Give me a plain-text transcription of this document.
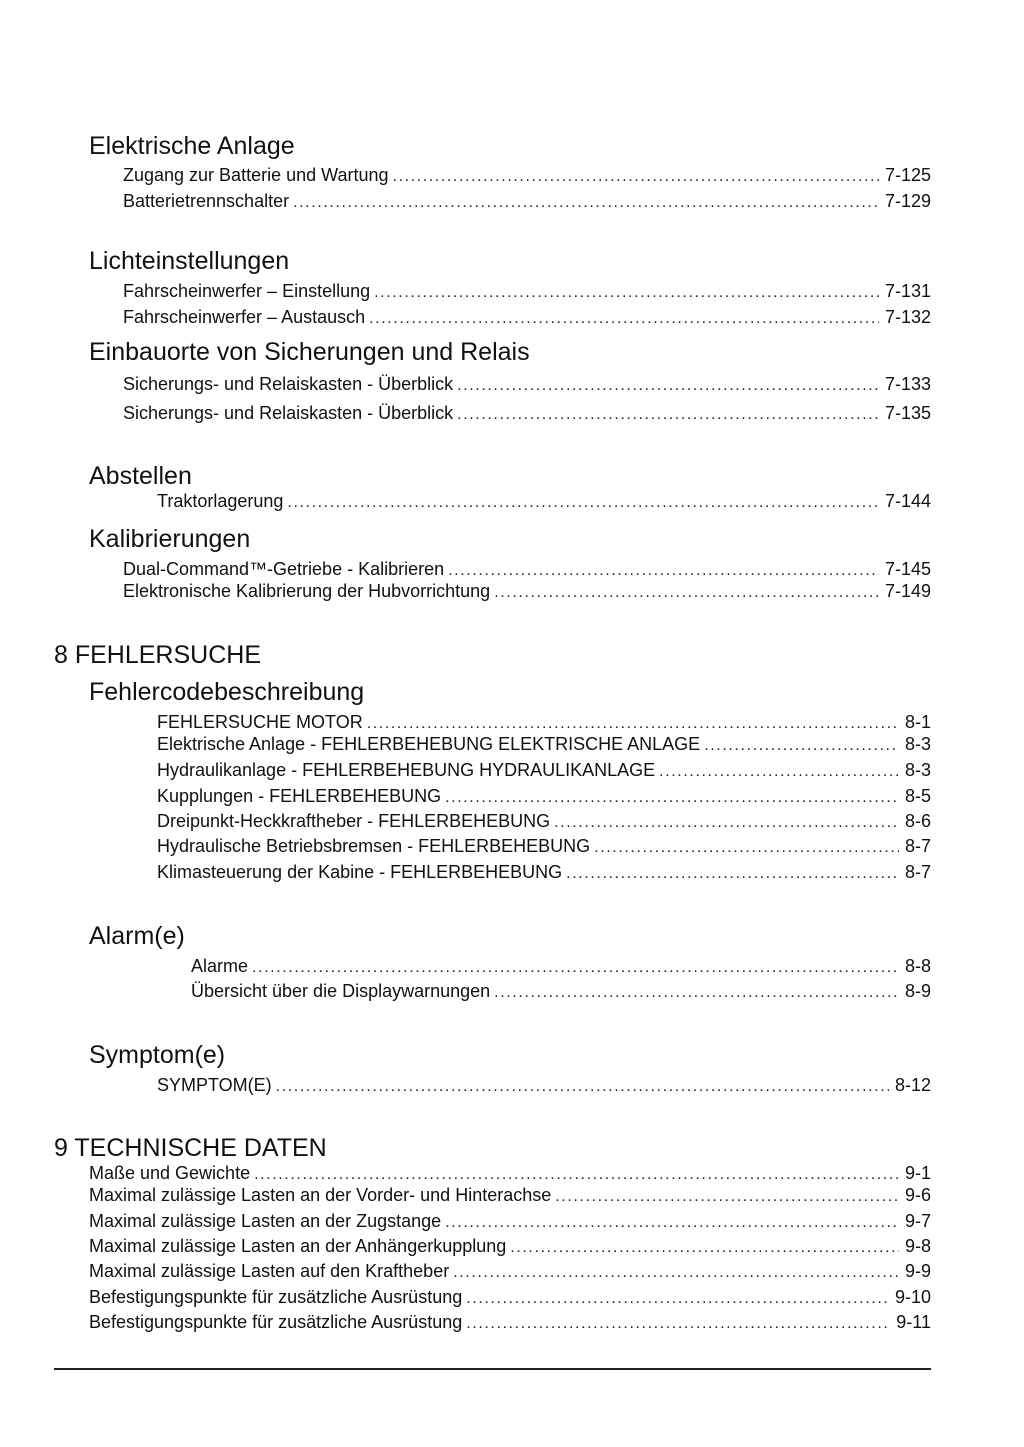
Elektrische Anlage
Zugang zur Batterie und Wartung .....	7-125
Batterietrennschalter .....	7-129
Lichteinstellungen
Fahrscheinwerfer – Einstellung .....	7-131
Fahrscheinwerfer – Austausch .....	7-132
Einbauorte von Sicherungen und Relais
Sicherungs- und Relaiskasten - Überblick .....	7-133
Sicherungs- und Relaiskasten - Überblick .....	7-135
Abstellen
Traktorlagerung .....	7-144
Kalibrierungen
Dual-Command™-Getriebe - Kalibrieren .....	7-145
Elektronische Kalibrierung der Hubvorrichtung .....	7-149
8 FEHLERSUCHE
Fehlercodebeschreibung
FEHLERSUCHE MOTOR .....	8-1
Elektrische Anlage - FEHLERBEHEBUNG ELEKTRISCHE ANLAGE .....	8-3
Hydraulikanlage - FEHLERBEHEBUNG HYDRAULIKANLAGE .....	8-3
Kupplungen - FEHLERBEHEBUNG .....	8-5
Dreipunkt-Heckkraftheber - FEHLERBEHEBUNG .....	8-6
Hydraulische Betriebsbremsen - FEHLERBEHEBUNG .....	8-7
Klimasteuerung der Kabine - FEHLERBEHEBUNG .....	8-7
Alarm(e)
Alarme .....	8-8
Übersicht über die Displaywarnungen .....	8-9
Symptom(e)
SYMPTOM(E) .....	8-12
9 TECHNISCHE DATEN
Maße und Gewichte .....	9-1
Maximal zulässige Lasten an der Vorder- und Hinterachse .....	9-6
Maximal zulässige Lasten an der Zugstange .....	9-7
Maximal zulässige Lasten an der Anhängerkupplung .....	9-8
Maximal zulässige Lasten auf den Kraftheber .....	9-9
Befestigungspunkte für zusätzliche Ausrüstung .....	9-10
Befestigungspunkte für zusätzliche Ausrüstung .....	9-11
